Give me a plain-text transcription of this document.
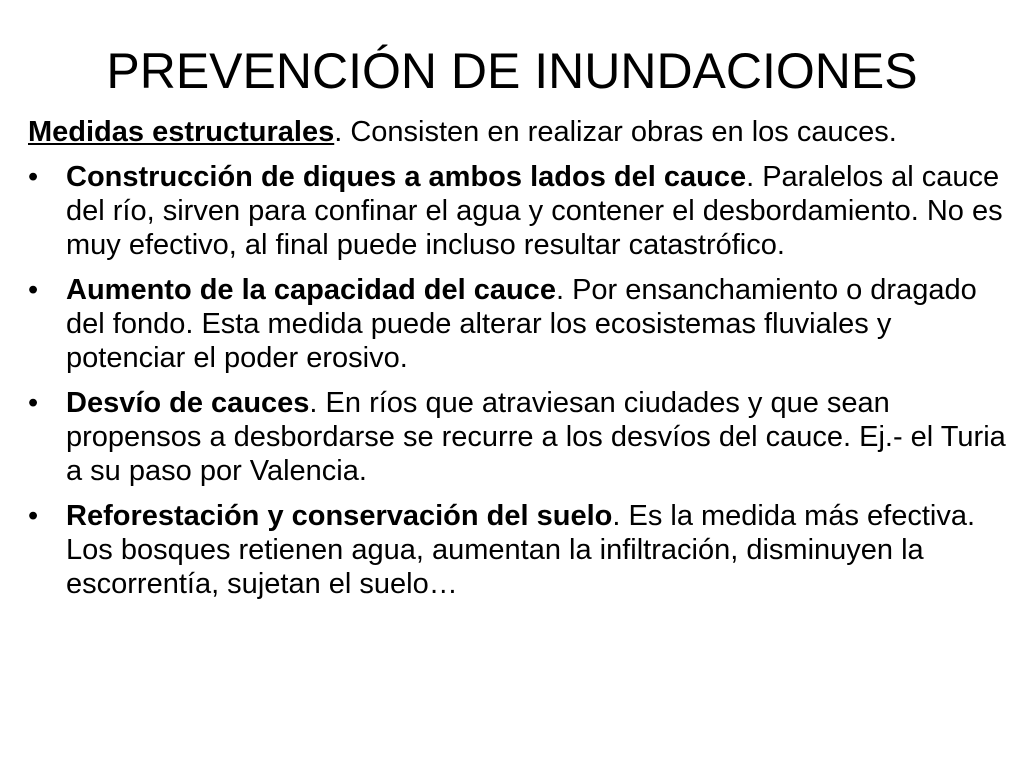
PREVENCIÓN DE INUNDACIONES
Medidas estructurales. Consisten en realizar obras en los cauces.
• Construcción de diques a ambos lados del cauce. Paralelos al cauce del río, sirven para confinar el agua y contener el desbordamiento. No es muy efectivo, al final puede incluso resultar catastrófico.
• Aumento de la capacidad del cauce. Por ensanchamiento o dragado del fondo. Esta medida puede alterar los ecosistemas fluviales y potenciar el poder erosivo.
• Desvío de cauces. En ríos que atraviesan ciudades y que sean propensos a desbordarse se recurre a los desvíos del cauce. Ej.- el Turia a su paso por Valencia.
• Reforestación y conservación del suelo. Es la medida más efectiva. Los bosques retienen agua, aumentan la infiltración, disminuyen la escorrentía, sujetan el suelo…
